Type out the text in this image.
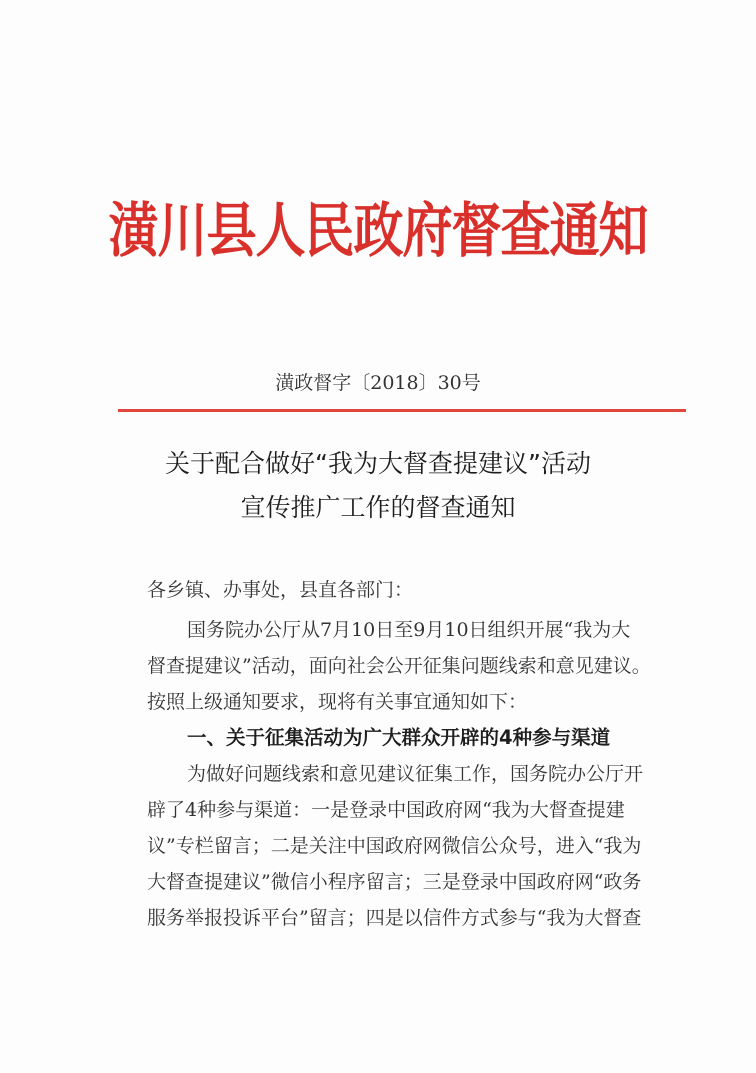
潢川县人民政府督查通知
潢政督字〔2018〕30号
关于配合做好“我为大督查提建议”活动
宣传推广工作的督查通知
各乡镇、办事处，县直各部门：
国务院办公厅从7月10日至9月10日组织开展“我为大
督查提建议”活动，面向社会公开征集问题线索和意见建议。
按照上级通知要求，现将有关事宜通知如下：
一、关于征集活动为广大群众开辟的4种参与渠道
为做好问题线索和意见建议征集工作，国务院办公厅开
辟了4种参与渠道：一是登录中国政府网“我为大督查提建
议”专栏留言；二是关注中国政府网微信公众号，进入“我为
大督查提建议”微信小程序留言；三是登录中国政府网“政务
服务举报投诉平台”留言；四是以信件方式参与“我为大督查
